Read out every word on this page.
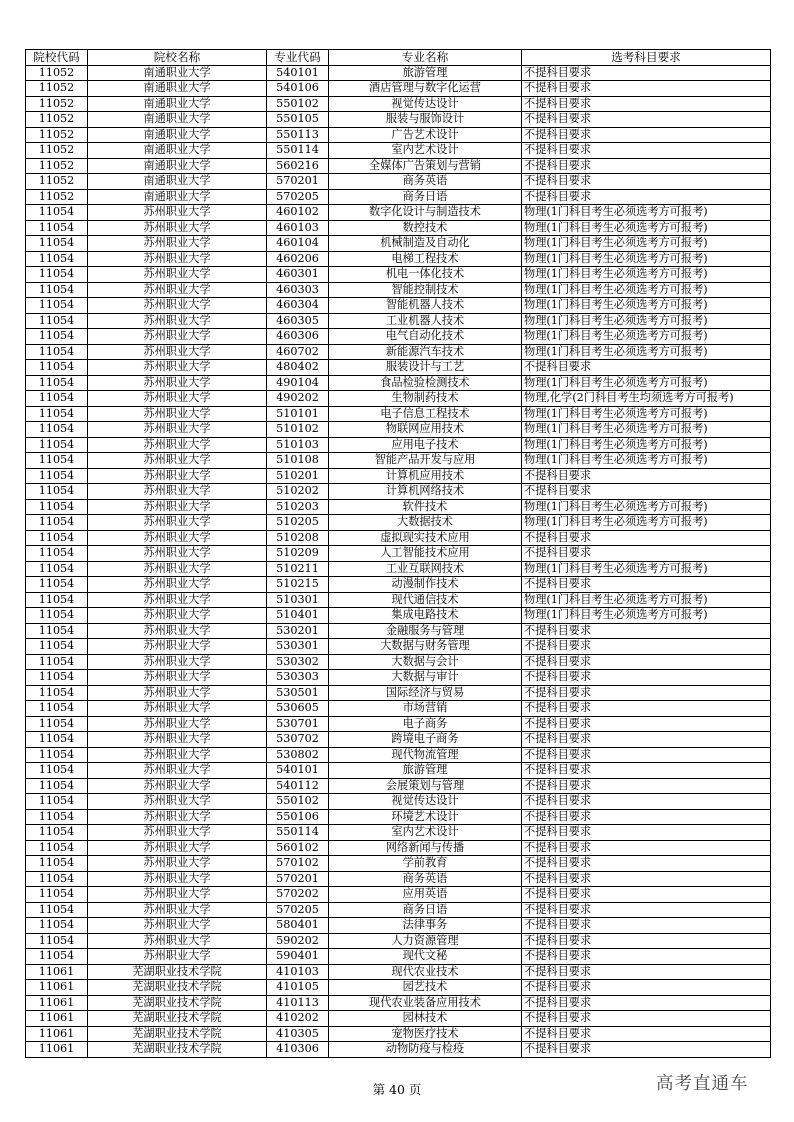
院校代码	院校名称	专业代码	专业名称	选考科目要求
11052	南通职业大学	540101	旅游管理	不提科目要求
11052	南通职业大学	540106	酒店管理与数字化运营	不提科目要求
11052	南通职业大学	550102	视觉传达设计	不提科目要求
11052	南通职业大学	550105	服装与服饰设计	不提科目要求
11052	南通职业大学	550113	广告艺术设计	不提科目要求
11052	南通职业大学	550114	室内艺术设计	不提科目要求
11052	南通职业大学	560216	全媒体广告策划与营销	不提科目要求
11052	南通职业大学	570201	商务英语	不提科目要求
11052	南通职业大学	570205	商务日语	不提科目要求
11054	苏州职业大学	460102	数字化设计与制造技术	物理(1门科目考生必须选考方可报考)
11054	苏州职业大学	460103	数控技术	物理(1门科目考生必须选考方可报考)
11054	苏州职业大学	460104	机械制造及自动化	物理(1门科目考生必须选考方可报考)
11054	苏州职业大学	460206	电梯工程技术	物理(1门科目考生必须选考方可报考)
11054	苏州职业大学	460301	机电一体化技术	物理(1门科目考生必须选考方可报考)
11054	苏州职业大学	460303	智能控制技术	物理(1门科目考生必须选考方可报考)
11054	苏州职业大学	460304	智能机器人技术	物理(1门科目考生必须选考方可报考)
11054	苏州职业大学	460305	工业机器人技术	物理(1门科目考生必须选考方可报考)
11054	苏州职业大学	460306	电气自动化技术	物理(1门科目考生必须选考方可报考)
11054	苏州职业大学	460702	新能源汽车技术	物理(1门科目考生必须选考方可报考)
11054	苏州职业大学	480402	服装设计与工艺	不提科目要求
11054	苏州职业大学	490104	食品检验检测技术	物理(1门科目考生必须选考方可报考)
11054	苏州职业大学	490202	生物制药技术	物理,化学(2门科目考生均须选考方可报考)
11054	苏州职业大学	510101	电子信息工程技术	物理(1门科目考生必须选考方可报考)
11054	苏州职业大学	510102	物联网应用技术	物理(1门科目考生必须选考方可报考)
11054	苏州职业大学	510103	应用电子技术	物理(1门科目考生必须选考方可报考)
11054	苏州职业大学	510108	智能产品开发与应用	物理(1门科目考生必须选考方可报考)
11054	苏州职业大学	510201	计算机应用技术	不提科目要求
11054	苏州职业大学	510202	计算机网络技术	不提科目要求
11054	苏州职业大学	510203	软件技术	物理(1门科目考生必须选考方可报考)
11054	苏州职业大学	510205	大数据技术	物理(1门科目考生必须选考方可报考)
11054	苏州职业大学	510208	虚拟现实技术应用	不提科目要求
11054	苏州职业大学	510209	人工智能技术应用	不提科目要求
11054	苏州职业大学	510211	工业互联网技术	物理(1门科目考生必须选考方可报考)
11054	苏州职业大学	510215	动漫制作技术	不提科目要求
11054	苏州职业大学	510301	现代通信技术	物理(1门科目考生必须选考方可报考)
11054	苏州职业大学	510401	集成电路技术	物理(1门科目考生必须选考方可报考)
11054	苏州职业大学	530201	金融服务与管理	不提科目要求
11054	苏州职业大学	530301	大数据与财务管理	不提科目要求
11054	苏州职业大学	530302	大数据与会计	不提科目要求
11054	苏州职业大学	530303	大数据与审计	不提科目要求
11054	苏州职业大学	530501	国际经济与贸易	不提科目要求
11054	苏州职业大学	530605	市场营销	不提科目要求
11054	苏州职业大学	530701	电子商务	不提科目要求
11054	苏州职业大学	530702	跨境电子商务	不提科目要求
11054	苏州职业大学	530802	现代物流管理	不提科目要求
11054	苏州职业大学	540101	旅游管理	不提科目要求
11054	苏州职业大学	540112	会展策划与管理	不提科目要求
11054	苏州职业大学	550102	视觉传达设计	不提科目要求
11054	苏州职业大学	550106	环境艺术设计	不提科目要求
11054	苏州职业大学	550114	室内艺术设计	不提科目要求
11054	苏州职业大学	560102	网络新闻与传播	不提科目要求
11054	苏州职业大学	570102	学前教育	不提科目要求
11054	苏州职业大学	570201	商务英语	不提科目要求
11054	苏州职业大学	570202	应用英语	不提科目要求
11054	苏州职业大学	570205	商务日语	不提科目要求
11054	苏州职业大学	580401	法律事务	不提科目要求
11054	苏州职业大学	590202	人力资源管理	不提科目要求
11054	苏州职业大学	590401	现代文秘	不提科目要求
11061	芜湖职业技术学院	410103	现代农业技术	不提科目要求
11061	芜湖职业技术学院	410105	园艺技术	不提科目要求
11061	芜湖职业技术学院	410113	现代农业装备应用技术	不提科目要求
11061	芜湖职业技术学院	410202	园林技术	不提科目要求
11061	芜湖职业技术学院	410305	宠物医疗技术	不提科目要求
11061	芜湖职业技术学院	410306	动物防疫与检疫	不提科目要求
第 40 页	高考直通车
